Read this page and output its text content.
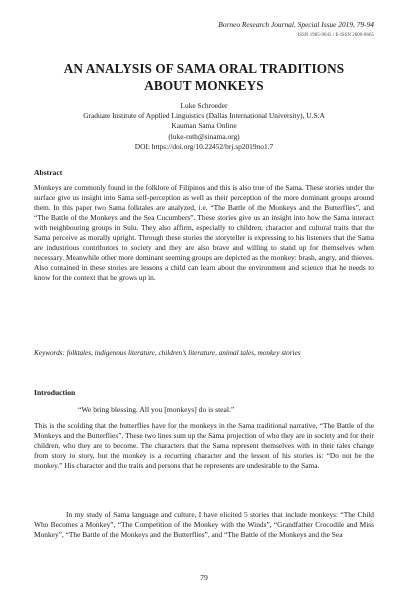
Borneo Research Journal, Special Issue 2019, 79-94
ISSN 1985-9643 / E-ISSN 2600-8665
AN ANALYSIS OF SAMA ORAL TRADITIONS
ABOUT MONKEYS
Luke Schroeder
Graduate Institute of Applied Linguistics (Dallas International University), U.S.A
Kauman Sama Online
(luke-ruth@sinama.org)
DOI: https://doi.org/10.22452/brj.sp2019no1.7
Abstract

Monkeys are commonly found in the folklore of Filipinos and this is also true of the Sama. These stories under the surface give us insight into Sama self-perception as well as their perception of the more dominant groups around them. In this paper two Sama folktales are analyzed, i.e. “The Battle of the Monkeys and the Butterflies”, and “The Battle of the Monkeys and the Sea Cucumbers”. These stories give us an insight into how the Sama interact with neighbouring groups in Sulu. They also affirm, especially to children, character and cultural traits that the Sama perceive as morally upright. Through these stories the storyteller is expressing to his listeners that the Sama are industrious contributors to society and they are also brave and willing to stand up for themselves when necessary. Meanwhile other more dominant seeming groups are depicted as the monkey: brash, angry, and thieves. Also contained in these stories are lessons a child can learn about the environment and science that he needs to know for the context that he grows up in.

Keywords: folktales, indigenous literature, children’s literature, animal tales, monkey stories
Introduction
“We bring blessing. All you [monkeys] do is steal.”

This is the scolding that the butterflies have for the monkeys in the Sama traditional narrative, “The Battle of the Monkeys and the Butterflies”. These two lines sum up the Sama projection of who they are in society and for their children, who they are to become. The characters that the Sama represent themselves with in their tales change from story to story, but the monkey is a recurring character and the lesson of his stories is: “Do not be the monkey.” His character and the traits and persons that he represents are undesirable to the Sama.

In my study of Sama language and culture, I have elicited 5 stories that include monkeys: “The Child Who Becomes a Monkey”, “The Competition of the Monkey with the Winds”, “Grandfather Crocodile and Miss Monkey”, “The Battle of the Monkeys and the Butterflies”, and “The Battle of the Monkeys and the Sea

79
